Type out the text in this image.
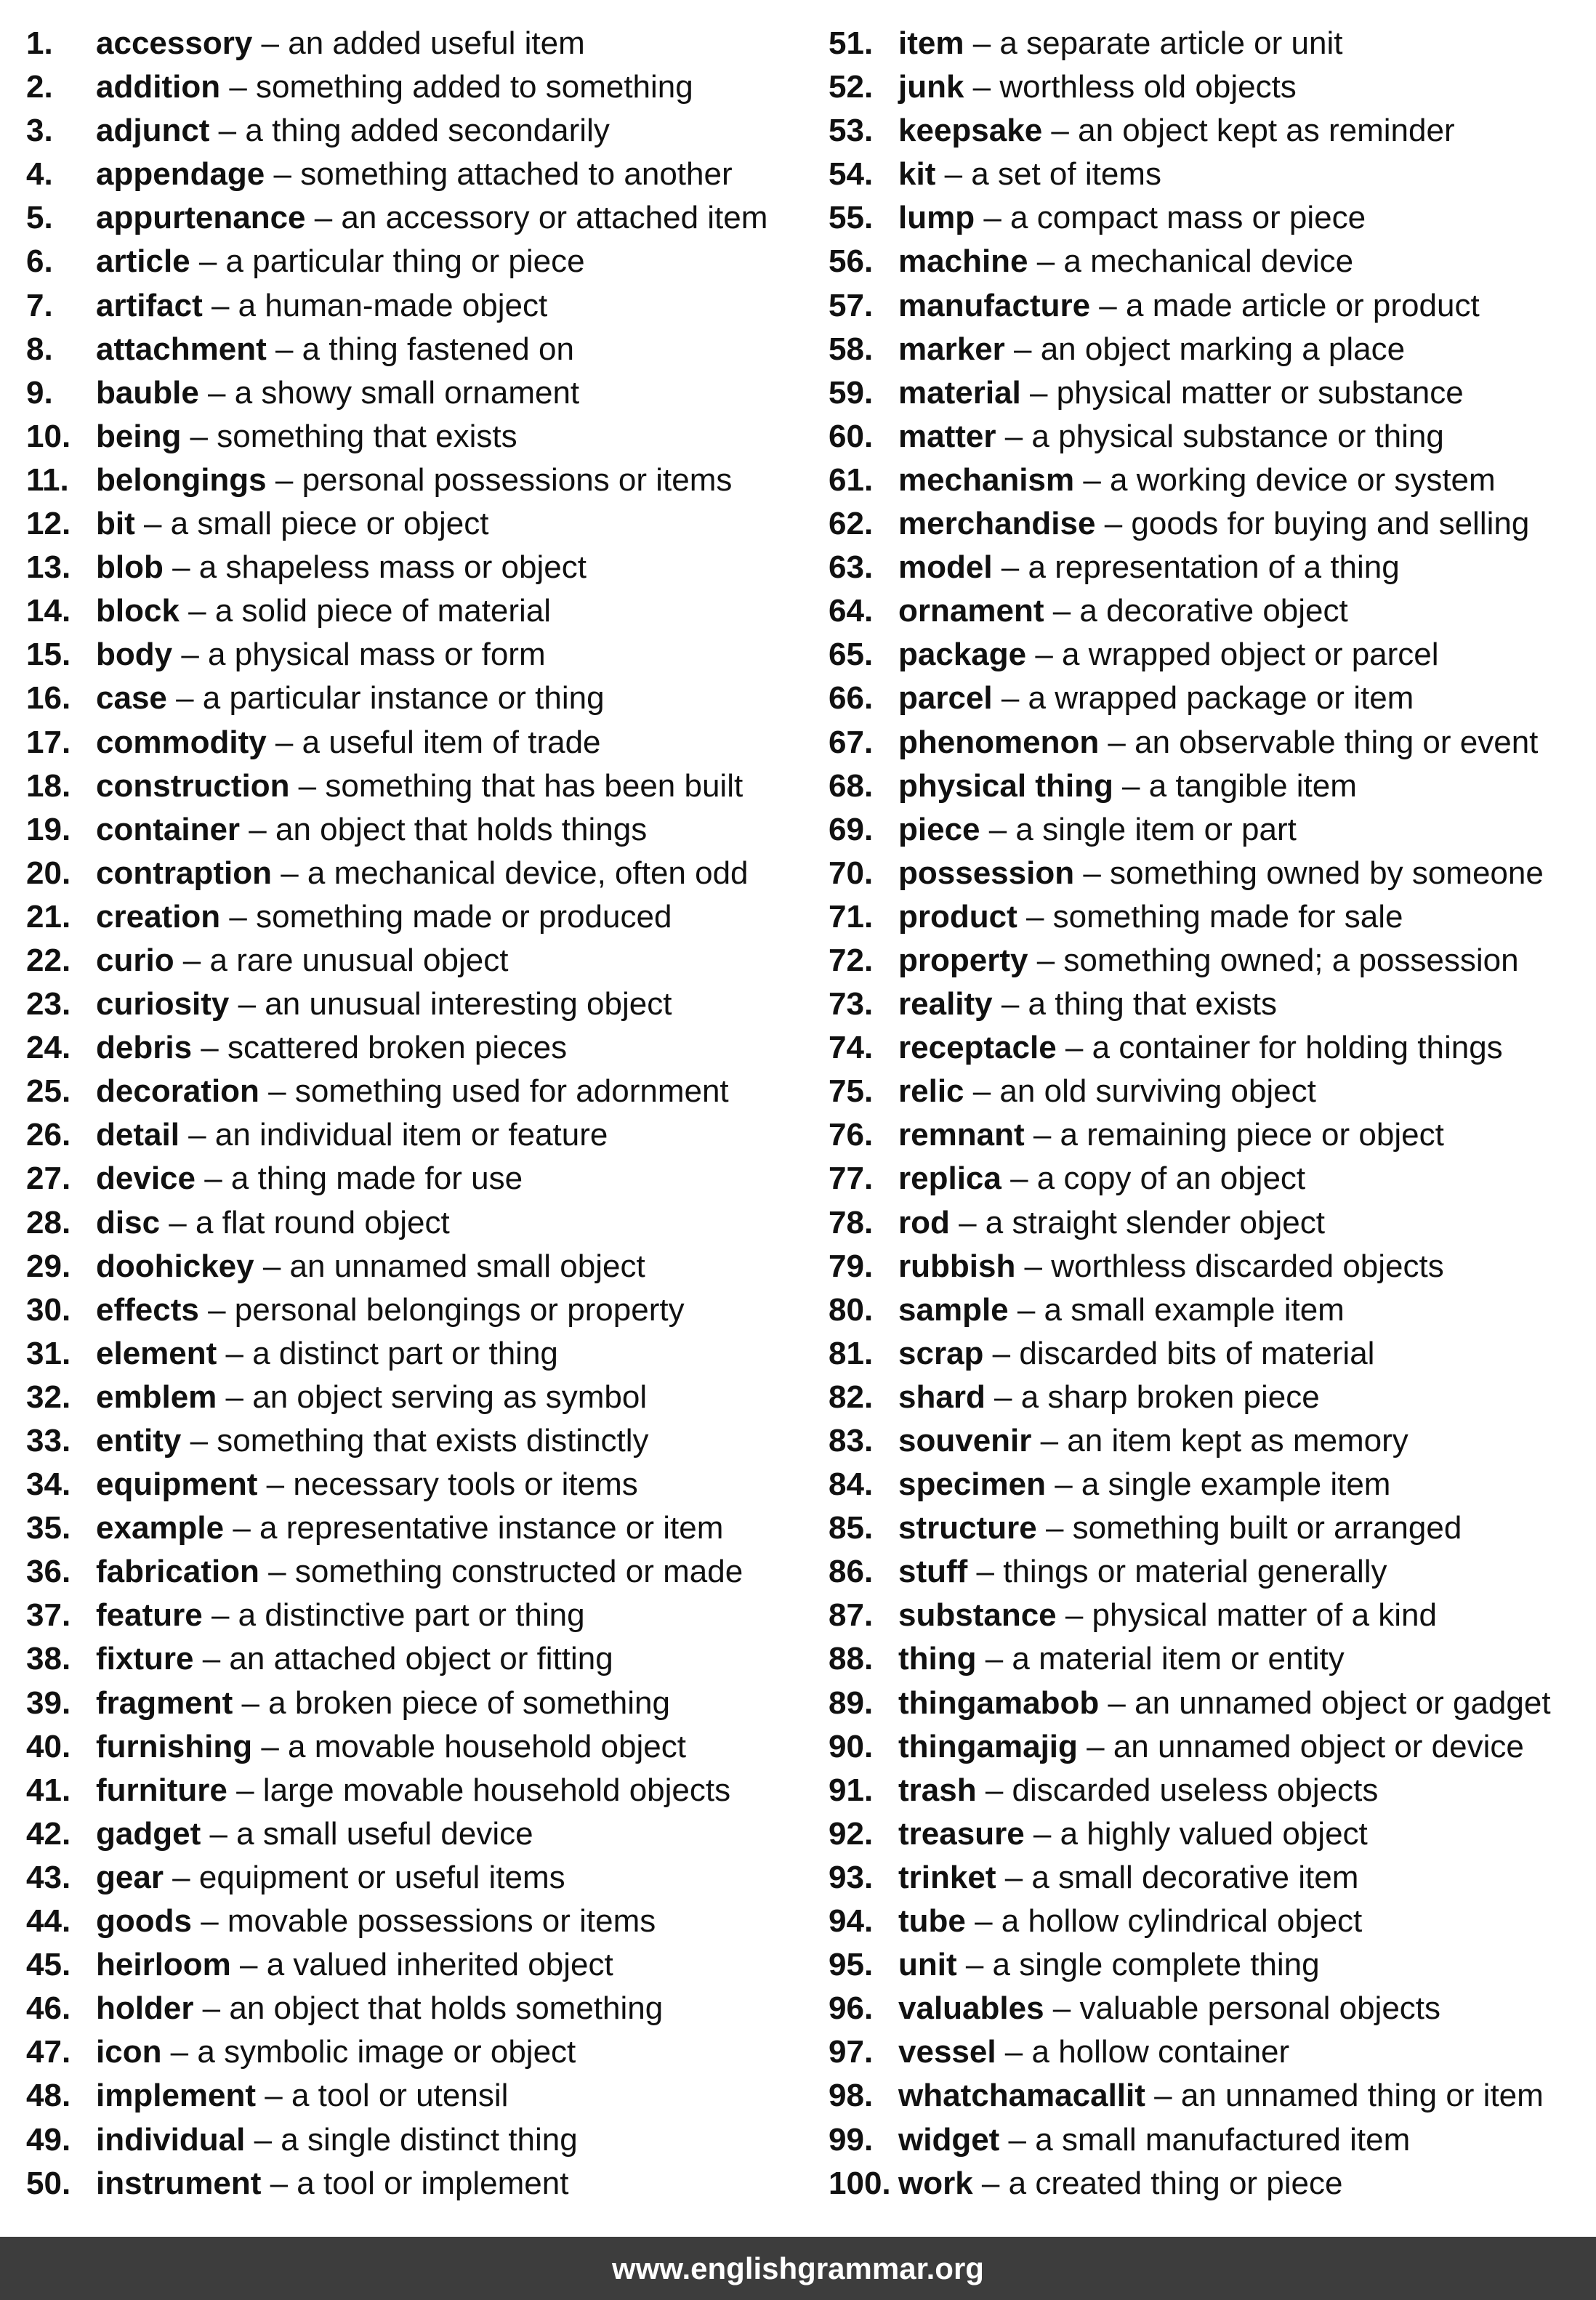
1. accessory – an added useful item
2. addition – something added to something
3. adjunct – a thing added secondarily
4. appendage – something attached to another
5. appurtenance – an accessory or attached item
6. article – a particular thing or piece
7. artifact – a human-made object
8. attachment – a thing fastened on
9. bauble – a showy small ornament
10. being – something that exists
11. belongings – personal possessions or items
12. bit – a small piece or object
13. blob – a shapeless mass or object
14. block – a solid piece of material
15. body – a physical mass or form
16. case – a particular instance or thing
17. commodity – a useful item of trade
18. construction – something that has been built
19. container – an object that holds things
20. contraption – a mechanical device, often odd
21. creation – something made or produced
22. curio – a rare unusual object
23. curiosity – an unusual interesting object
24. debris – scattered broken pieces
25. decoration – something used for adornment
26. detail – an individual item or feature
27. device – a thing made for use
28. disc – a flat round object
29. doohickey – an unnamed small object
30. effects – personal belongings or property
31. element – a distinct part or thing
32. emblem – an object serving as symbol
33. entity – something that exists distinctly
34. equipment – necessary tools or items
35. example – a representative instance or item
36. fabrication – something constructed or made
37. feature – a distinctive part or thing
38. fixture – an attached object or fitting
39. fragment – a broken piece of something
40. furnishing – a movable household object
41. furniture – large movable household objects
42. gadget – a small useful device
43. gear – equipment or useful items
44. goods – movable possessions or items
45. heirloom – a valued inherited object
46. holder – an object that holds something
47. icon – a symbolic image or object
48. implement – a tool or utensil
49. individual – a single distinct thing
50. instrument – a tool or implement
51. item – a separate article or unit
52. junk – worthless old objects
53. keepsake – an object kept as reminder
54. kit – a set of items
55. lump – a compact mass or piece
56. machine – a mechanical device
57. manufacture – a made article or product
58. marker – an object marking a place
59. material – physical matter or substance
60. matter – a physical substance or thing
61. mechanism – a working device or system
62. merchandise – goods for buying and selling
63. model – a representation of a thing
64. ornament – a decorative object
65. package – a wrapped object or parcel
66. parcel – a wrapped package or item
67. phenomenon – an observable thing or event
68. physical thing – a tangible item
69. piece – a single item or part
70. possession – something owned by someone
71. product – something made for sale
72. property – something owned; a possession
73. reality – a thing that exists
74. receptacle – a container for holding things
75. relic – an old surviving object
76. remnant – a remaining piece or object
77. replica – a copy of an object
78. rod – a straight slender object
79. rubbish – worthless discarded objects
80. sample – a small example item
81. scrap – discarded bits of material
82. shard – a sharp broken piece
83. souvenir – an item kept as memory
84. specimen – a single example item
85. structure – something built or arranged
86. stuff – things or material generally
87. substance – physical matter of a kind
88. thing – a material item or entity
89. thingamabob – an unnamed object or gadget
90. thingamajig – an unnamed object or device
91. trash – discarded useless objects
92. treasure – a highly valued object
93. trinket – a small decorative item
94. tube – a hollow cylindrical object
95. unit – a single complete thing
96. valuables – valuable personal objects
97. vessel – a hollow container
98. whatchamacallit – an unnamed thing or item
99. widget – a small manufactured item
100. work – a created thing or piece
www.englishgrammar.org
